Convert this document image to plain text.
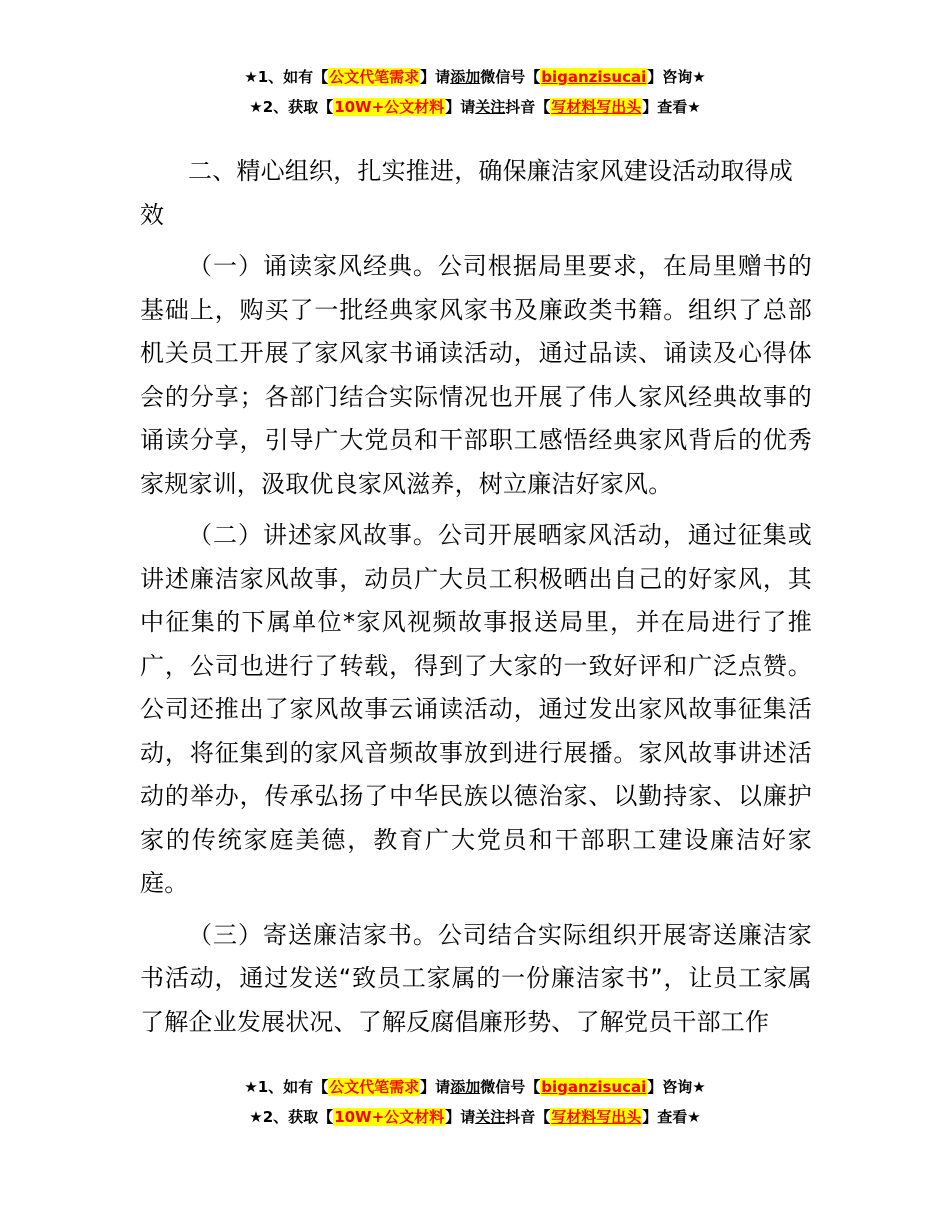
★1、如有【公文代笔需求】请添加微信号【biganzisucai】咨询★
★2、获取【10W+公文材料】请关注抖音【写材料写出头】查看★
二、精心组织，扎实推进，确保廉洁家风建设活动取得成效

（一）诵读家风经典。公司根据局里要求，在局里赠书的基础上，购买了一批经典家风家书及廉政类书籍。组织了总部机关员工开展了家风家书诵读活动，通过品读、诵读及心得体会的分享；各部门结合实际情况也开展了伟人家风经典故事的诵读分享，引导广大党员和干部职工感悟经典家风背后的优秀家规家训，汲取优良家风滋养，树立廉洁好家风。

（二）讲述家风故事。公司开展晒家风活动，通过征集或讲述廉洁家风故事，动员广大员工积极晒出自己的好家风，其中征集的下属单位*家风视频故事报送局里，并在局进行了推广，公司也进行了转载，得到了大家的一致好评和广泛点赞。公司还推出了家风故事云诵读活动，通过发出家风故事征集活动，将征集到的家风音频故事放到进行展播。家风故事讲述活动的举办，传承弘扬了中华民族以德治家、以勤持家、以廉护家的传统家庭美德，教育广大党员和干部职工建设廉洁好家庭。

（三）寄送廉洁家书。公司结合实际组织开展寄送廉洁家书活动，通过发送“致员工家属的一份廉洁家书”，让员工家属了解企业发展状况、了解反腐倡廉形势、了解党员干部工作

★1、如有【公文代笔需求】请添加微信号【biganzisucai】咨询★
★2、获取【10W+公文材料】请关注抖音【写材料写出头】查看★
